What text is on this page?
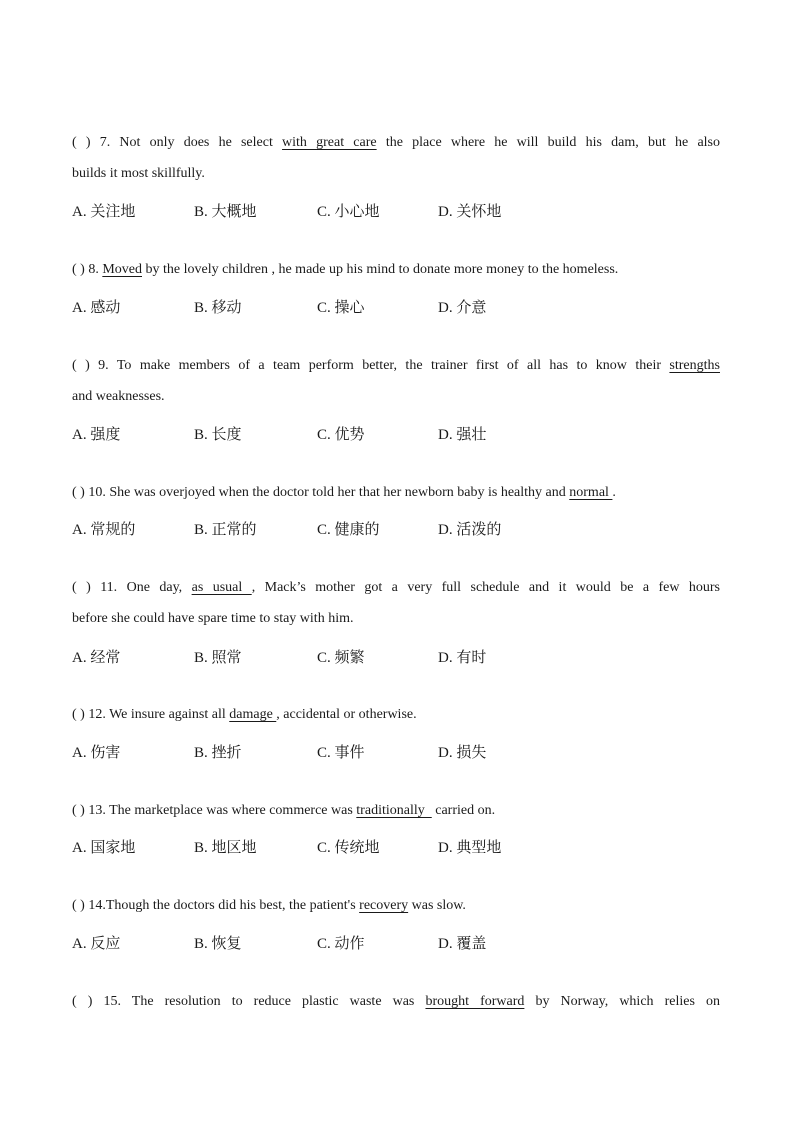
( ) 7. Not only does he select with great care the place where he will build his dam, but he also
builds it most skillfully.
A. 关注地	B. 大概地	C. 小心地	D. 关怀地
( ) 8. Moved by the lovely children , he made up his mind to donate more money to the homeless.
A. 感动	B. 移动	C. 操心	D. 介意
( ) 9. To make members of a team perform better, the trainer first of all has to know their strengths
and weaknesses.
A. 强度	B. 长度	C. 优势	D. 强壮
( ) 10. She was overjoyed when the doctor told her that her newborn baby is healthy and normal .
A. 常规的	B. 正常的	C. 健康的	D. 活泼的
( ) 11. One day, as usual , Mack’s mother got a very full schedule and it would be a few hours
before she could have spare time to stay with him.
A. 经常	B. 照常	C. 频繁	D. 有时
( ) 12. We insure against all damage , accidental or otherwise.
A. 伤害	B. 挫折	C. 事件	D. 损失
( ) 13. The marketplace was where commerce was traditionally   carried on.
A. 国家地	B. 地区地	C. 传统地	D. 典型地
( ) 14.Though the doctors did his best, the patient's recovery was slow.
A. 反应	B. 恢复	C. 动作	D. 覆盖
( ) 15. The resolution to reduce plastic waste was brought forward by Norway, which relies on
